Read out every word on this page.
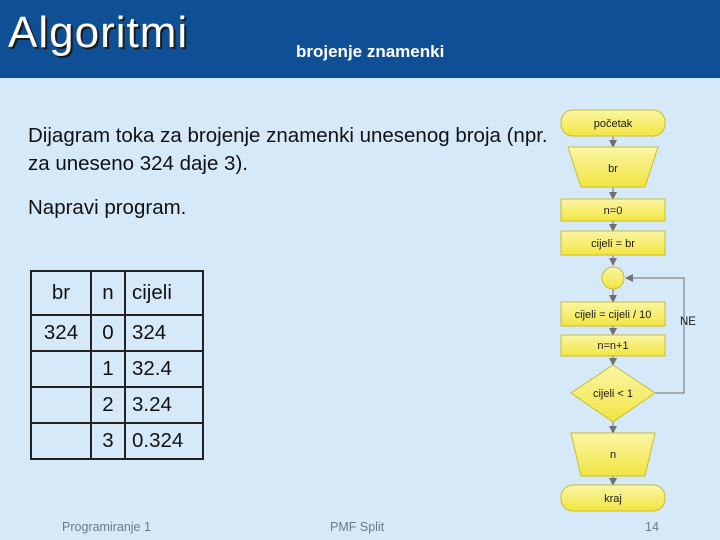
Algoritmi	brojenje znamenki
Dijagram toka za brojenje znamenki unesenog broja (npr. za uneseno 324 daje 3).
Napravi program.
br	n	cijeli
324	0	324
	1	32.4
	2	3.24
	3	0.324
početak
br
n=0
cijeli = br
cijeli = cijeli / 10
n=n+1
cijeli < 1
n
kraj
NE
Programiranje 1	PMF Split	14
